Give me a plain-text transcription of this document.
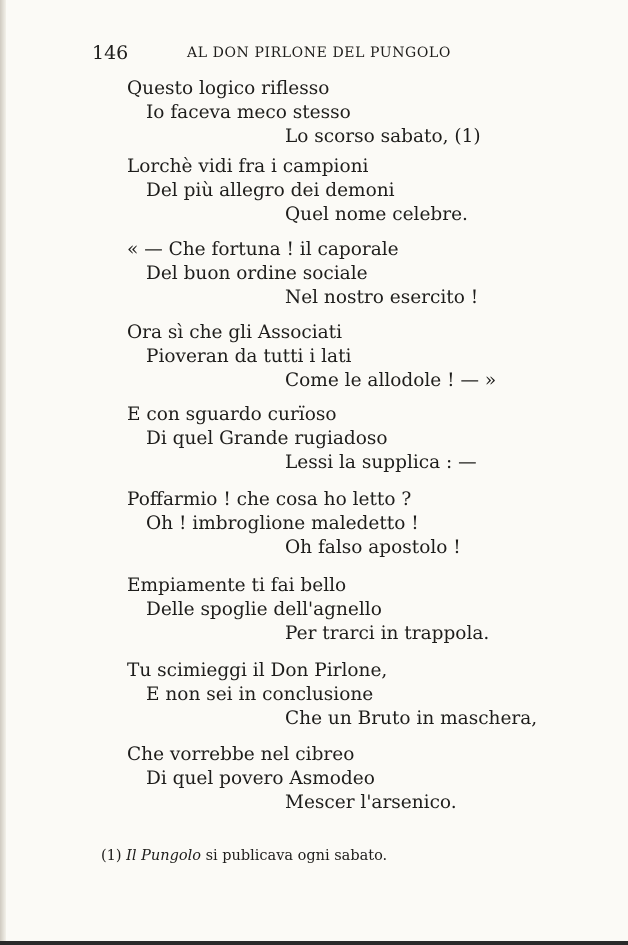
146	AL DON PIRLONE DEL PUNGOLO
Questo logico riflesso
Io faceva meco stesso
Lo scorso sabato, (1)
Lorchè vidi fra i campioni
Del più allegro dei demoni
Quel nome celebre.
« — Che fortuna ! il caporale
Del buon ordine sociale
Nel nostro esercito !
Ora sì che gli Associati
Pioveran da tutti i lati
Come le allodole ! — »
E con sguardo curïoso
Di quel Grande rugiadoso
Lessi la supplica : —
Poffarmio ! che cosa ho letto ?
Oh ! imbroglione maledetto !
Oh falso apostolo !
Empiamente ti fai bello
Delle spoglie dell'agnello
Per trarci in trappola.
Tu scimieggi il Don Pirlone,
E non sei in conclusione
Che un Bruto in maschera,
Che vorrebbe nel cibreo
Di quel povero Asmodeo
Mescer l'arsenico.
(1) Il Pungolo si publicava ogni sabato.
